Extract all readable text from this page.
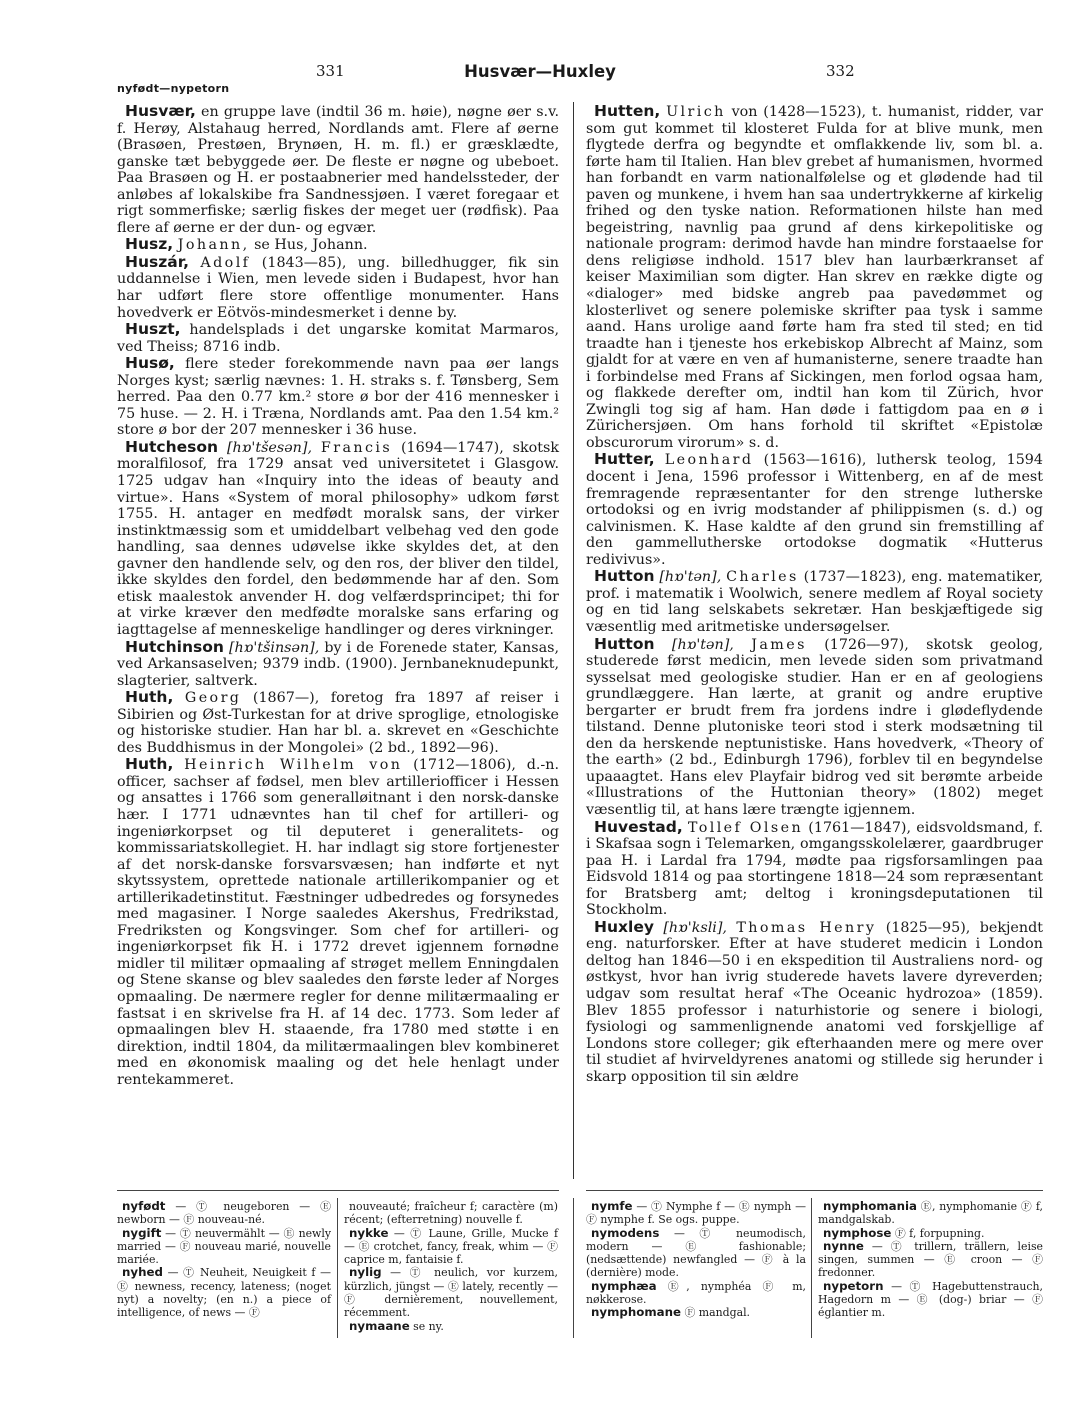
331	Husvær—Huxley	332
nyfødt—nypetorn

Husvær, en gruppe lave (indtil 36 m. høie), nøgne øer s.v. f. Herøy, Alstahaug herred, Nordlands amt. Flere af øerne (Brasøen, Prestøen, Brynøen, H. m. fl.) er græsklædte, ganske tæt bebyggede øer. De fleste er nøgne og ubeboet. Paa Brasøen og H. er postaabnerier med handelssteder, der anløbes af lokalskibe fra Sandnessjøen. I været foregaar et rigt sommerfiske; særlig fiskes der meget uer (rødfisk). Paa flere af øerne er der dun- og egvær.

Husz, Johann, se Hus, Johann.

Huszár, Adolf (1843—85), ung. billedhugger, fik sin uddannelse i Wien, men levede siden i Budapest, hvor han har udført flere store offentlige monumenter. Hans hovedverk er Eötvös-mindesmerket i denne by.

Huszt, handelsplads i det ungarske komitat Marmaros, ved Theiss; 8716 indb.

Husø, flere steder forekommende navn paa øer langs Norges kyst; særlig nævnes: 1. H. straks s. f. Tønsberg, Sem herred. Paa den 0.77 km.² store ø bor der 416 mennesker i 75 huse. — 2. H. i Træna, Nordlands amt. Paa den 1.54 km.² store ø bor der 207 mennesker i 36 huse.

Hutcheson [hɒ'tšesən], Francis (1694—1747), skotsk moralfilosof, fra 1729 ansat ved universitetet i Glasgow. 1725 udgav han «Inquiry into the ideas of beauty and virtue». Hans «System of moral philosophy» udkom først 1755. H. antager en medfødt moralsk sans, der virker instinktmæssig som et umiddelbart velbehag ved den gode handling, saa dennes udøvelse ikke skyldes det, at den gavner den handlende selv, og den ros, der bliver den tildel, ikke skyldes den fordel, den bedømmende har af den. Som etisk maalestok anvender H. dog velfærdsprincipet; thi for at virke kræver den medfødte moralske sans erfaring og iagttagelse af menneskelige handlinger og deres virkninger.

Hutchinson [hɒ'tšinsən], by i de Forenede stater, Kansas, ved Arkansaselven; 9379 indb. (1900). Jernbaneknudepunkt, slagterier, saltverk.

Huth, Georg (1867—), foretog fra 1897 af reiser i Sibirien og Øst-Turkestan for at drive sproglige, etnologiske og historiske studier. Han har bl. a. skrevet en «Geschichte des Buddhismus in der Mongolei» (2 bd., 1892—96).

Huth, Heinrich Wilhelm von (1712—1806), d.-n. officer, sachser af fødsel, men blev artilleriofficer i Hessen og ansattes i 1766 som generalløitnant i den norsk-danske hær. I 1771 udnævntes han til chef for artilleri- og ingeniørkorpset og til deputeret i generalitets- og kommissariatskollegiet. H. har indlagt sig store fortjenester af det norsk-danske forsvarsvæsen; han indførte et nyt skytssystem, oprettede nationale artillerikompanier og et artillerikadetinstitut. Fæstninger udbedredes og forsynedes med magasiner. I Norge saaledes Akershus, Fredrikstad, Fredriksten og Kongsvinger. Som chef for artilleri- og ingeniørkorpset fik H. i 1772 drevet igjennem fornødne midler til militær opmaaling af strøget mellem Enningdalen og Stene skanse og blev saaledes den første leder af Norges opmaaling. De nærmere regler for denne militærmaaling er fastsat i en skrivelse fra H. af 14 dec. 1773. Som leder af opmaalingen blev H. staaende, fra 1780 med støtte i en direktion, indtil 1804, da militærmaalingen blev kombineret med en økonomisk maaling og det hele henlagt under rentekammeret.

Hutten, Ulrich von (1428—1523), t. humanist, ridder, var som gut kommet til klosteret Fulda for at blive munk, men flygtede derfra og begyndte et omflakkende liv, som bl. a. førte ham til Italien. Han blev grebet af humanismen, hvormed han forbandt en varm nationalfølelse og et glødende had til paven og munkene, i hvem han saa undertrykkerne af kirkelig frihed og den tyske nation. Reformationen hilste han med begeistring, navnlig paa grund af dens kirkepolitiske og nationale program: derimod havde han mindre forstaaelse for dens religiøse indhold. 1517 blev han laurbærkranset af keiser Maximilian som digter. Han skrev en række digte og «dialoger» med bidske angreb paa pavedømmet og klosterlivet og senere polemiske skrifter paa tysk i samme aand. Hans urolige aand førte ham fra sted til sted; en tid traadte han i tjeneste hos erkebiskop Albrecht af Mainz, som gjaldt for at være en ven af humanisterne, senere traadte han i forbindelse med Frans af Sickingen, men forlod ogsaa ham, og flakkede derefter om, indtil han kom til Zürich, hvor Zwingli tog sig af ham. Han døde i fattigdom paa en ø i Zürichersjøen. Om hans forhold til skriftet «Epistolæ obscurorum virorum» s. d.

Hutter, Leonhard (1563—1616), luthersk teolog, 1594 docent i Jena, 1596 professor i Wittenberg, en af de mest fremragende repræsentanter for den strenge lutherske ortodoksi og en ivrig modstander af philippismen (s. d.) og calvinismen. K. Hase kaldte af den grund sin fremstilling af den gammellutherske ortodokse dogmatik «Hutterus redivivus».

Hutton [hɒ'tən], Charles (1737—1823), eng. matematiker, prof. i matematik i Woolwich, senere medlem af Royal society og en tid lang selskabets sekretær. Han beskjæftigede sig væsentlig med aritmetiske undersøgelser.

Hutton [hɒ'tən], James (1726—97), skotsk geolog, studerede først medicin, men levede siden som privatmand sysselsat med geologiske studier. Han er en af geologiens grundlæggere. Han lærte, at granit og andre eruptive bergarter er brudt frem fra jordens indre i glødeflydende tilstand. Denne plutoniske teori stod i sterk modsætning til den da herskende neptunistiske. Hans hovedverk, «Theory of the earth» (2 bd., Edinburgh 1796), forblev til en begyndelse upaaagtet. Hans elev Playfair bidrog ved sit berømte arbeide «Illustrations of the Huttonian theory» (1802) meget væsentlig til, at hans lære trængte igjennem.

Huvestad, Tollef Olsen (1761—1847), eidsvoldsmand, f. i Skafsaa sogn i Telemarken, omgangsskolelærer, gaardbruger paa H. i Lardal fra 1794, mødte paa rigsforsamlingen paa Eidsvold 1814 og paa stortingene 1818—24 som repræsentant for Bratsberg amt; deltog i kroningsdeputationen til Stockholm.

Huxley [hɒ'ksli], Thomas Henry (1825—95), bekjendt eng. naturforsker. Efter at have studeret medicin i London deltog han 1846—50 i en ekspedition til Australiens nord- og østkyst, hvor han ivrig studerede havets lavere dyreverden; udgav som resultat heraf «The Oceanic hydrozoa» (1859). Blev 1855 professor i naturhistorie og senere i biologi, fysiologi og sammenlignende anatomi ved forskjellige af Londons store colleger; gik efterhaanden mere og mere over til studiet af hvirveldyrenes anatomi og stillede sig herunder i skarp opposition til sin ældre

nyfødt — Ⓣ neugeboren — Ⓔ newborn — Ⓕ nouveau-né.

nygift — Ⓣ neuvermählt — Ⓔ newly married — Ⓕ nouveau marié, nouvelle mariée.

nyhed — Ⓣ Neuheit, Neuigkeit f — Ⓔ newness, recency, lateness; (noget nyt) a novelty; (en n.) a piece of intelligence, of news — Ⓕ

nouveauté; fraîcheur f; caractère (m) récent; (efterretning) nouvelle f.

nykke — Ⓣ Laune, Grille, Mucke f — Ⓔ crotchet, fancy, freak, whim — Ⓕ caprice m, fantaisie f.

nylig — Ⓣ neulich, vor kurzem, kürzlich, jüngst — Ⓔ lately, recently — Ⓕ dernièrement, nouvellement, récemment.

nymaane se ny.

nymfe — Ⓣ Nymphe f — Ⓔ nymph — Ⓕ nymphe f. Se ogs. puppe.

nymodens — Ⓣ neumodisch, modern — Ⓔ fashionable; (nedsættende) newfangled — Ⓕ à la (dernière) mode.

nymphæa Ⓔ, nymphéa Ⓕ m, nøkkerose.

nymphomane Ⓕ mandgal.

nymphomania Ⓔ, nymphomanie Ⓕ f, mandgalskab.

nymphose Ⓕ f, forpupning.

nynne — Ⓣ trillern, trällern, leise singen, summen — Ⓔ croon — Ⓕ fredonner.

nypetorn — Ⓣ Hagebuttenstrauch, Hagedorn m — Ⓔ (dog-) briar — Ⓕ églantier m.
